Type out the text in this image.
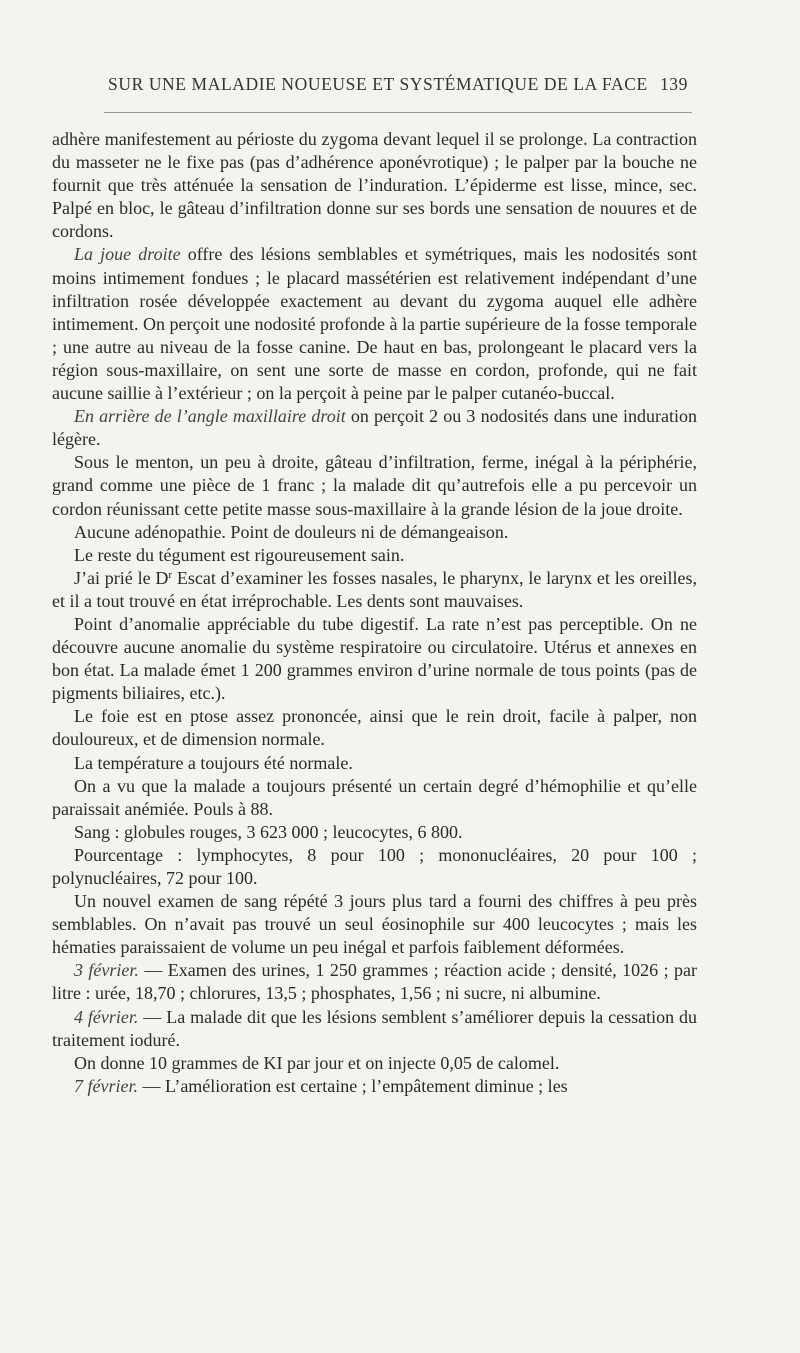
SUR UNE MALADIE NOUEUSE ET SYSTÉMATIQUE DE LA FACE 139

adhère manifestement au périoste du zygoma devant lequel il se prolonge. La contraction du masseter ne le fixe pas (pas d’adhérence aponévrotique) ; le palper par la bouche ne fournit que très atténuée la sensation de l’induration. L’épiderme est lisse, mince, sec. Palpé en bloc, le gâteau d’infiltration donne sur ses bords une sensation de nouures et de cordons.

La joue droite offre des lésions semblables et symétriques, mais les nodosités sont moins intimement fondues ; le placard massétérien est relativement indépendant d’une infiltration rosée développée exactement au devant du zygoma auquel elle adhère intimement. On perçoit une nodosité profonde à la partie supérieure de la fosse temporale ; une autre au niveau de la fosse canine. De haut en bas, prolongeant le placard vers la région sous-maxillaire, on sent une sorte de masse en cordon, profonde, qui ne fait aucune saillie à l’extérieur ; on la perçoit à peine par le palper cutanéo-buccal.

En arrière de l’angle maxillaire droit on perçoit 2 ou 3 nodosités dans une induration légère.

Sous le menton, un peu à droite, gâteau d’infiltration, ferme, inégal à la périphérie, grand comme une pièce de 1 franc ; la malade dit qu’autrefois elle a pu percevoir un cordon réunissant cette petite masse sous-maxillaire à la grande lésion de la joue droite.

Aucune adénopathie. Point de douleurs ni de démangeaison.

Le reste du tégument est rigoureusement sain.

J’ai prié le $D^r$ Escat d’examiner les fosses nasales, le pharynx, le larynx et les oreilles, et il a tout trouvé en état irréprochable. Les dents sont mauvaises.

Point d’anomalie appréciable du tube digestif. La rate n’est pas perceptible. On ne découvre aucune anomalie du système respiratoire ou circulatoire. Utérus et annexes en bon état. La malade émet 1 200 grammes environ d’urine normale de tous points (pas de pigments biliaires, etc.).

Le foie est en ptose assez prononcée, ainsi que le rein droit, facile à palper, non douloureux, et de dimension normale.

La température a toujours été normale.

On a vu que la malade a toujours présenté un certain degré d’hémophilie et qu’elle paraissait anémiée. Pouls à 88.

Sang : globules rouges, 3 623 000 ; leucocytes, 6 800.

Pourcentage : lymphocytes, 8 pour 100 ; mononucléaires, 20 pour 100 ; polynucléaires, 72 pour 100.

Un nouvel examen de sang répété 3 jours plus tard a fourni des chiffres à peu près semblables. On n’avait pas trouvé un seul éosinophile sur 400 leucocytes ; mais les hématies paraissaient de volume un peu inégal et parfois faiblement déformées.

3 février. — Examen des urines, 1 250 grammes ; réaction acide ; densité, 1026 ; par litre : urée, 18,70 ; chlorures, 13,5 ; phosphates, 1,56 ; ni sucre, ni albumine.

4 février. — La malade dit que les lésions semblent s’améliorer depuis la cessation du traitement ioduré.

On donne 10 grammes de KI par jour et on injecte 0,05 de calomel.

7 février. — L’amélioration est certaine ; l’empâtement diminue ; les
